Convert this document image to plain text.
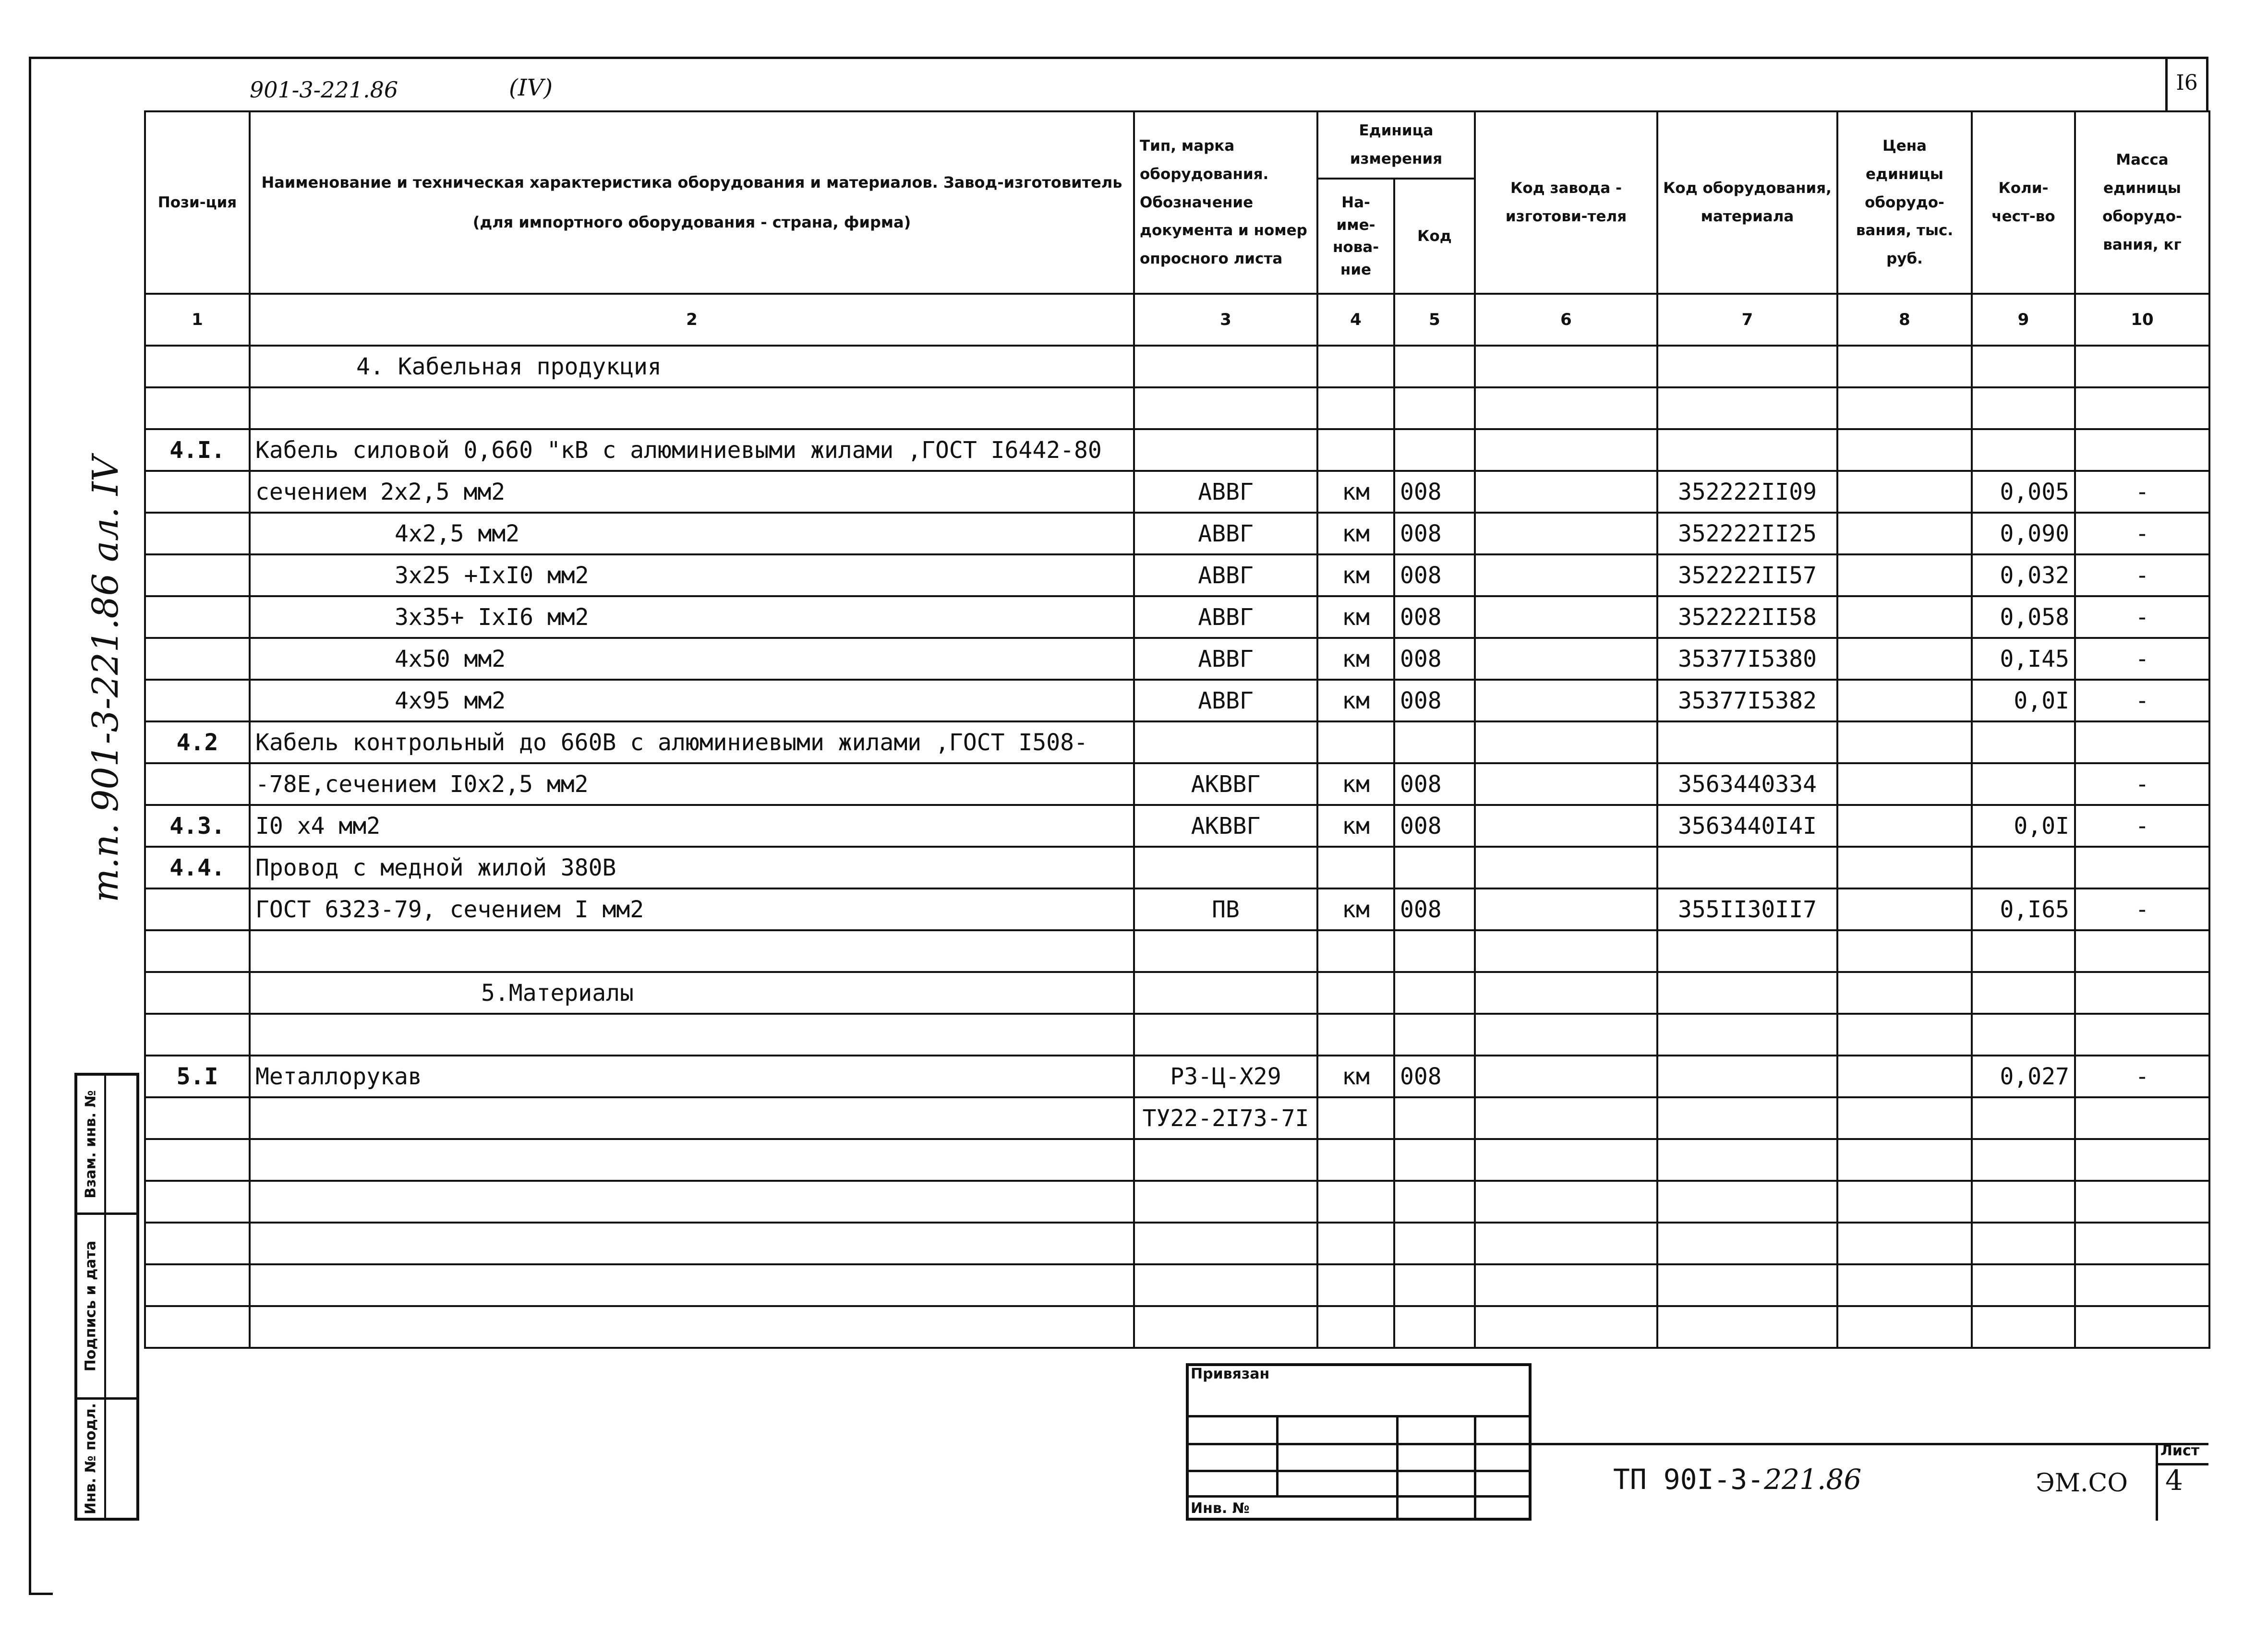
I6
901-3-221.86	(IV)
т.п. 901-3-221.86 ал. IV
Взам. инв. №
Подпись и дата
Инв. № подл.
Пози-ция	Наименование и техническая характеристика оборудования и материалов. Завод-изготовитель (для импортного оборудования - страна, фирма)	Тип, марка оборудования. Обозначение документа и номер опросного листа	Единица измерения		Код завода - изготови-теля	Код оборудования, материала	Цена единицы оборудо-вания, тыс. руб.	Коли-чест-во	Масса единицы оборудо-вания, кг
			На-име-нова-ние	Код					
1	2	3	4	5	6	7	8	9	10
	4. Кабельная продукция								

4.I.	Кабель силовой 0,660 "кВ с алюминиевыми жилами ,ГОСТ I6442-80								
	сечением 2х2,5 мм2	АВВГ	км	008		352222II09		0,005	-
	4х2,5 мм2	АВВГ	км	008		352222II25		0,090	-
	3х25 +IхI0 мм2	АВВГ	км	008		352222II57		0,032	-
	3х35+ IхI6 мм2	АВВГ	км	008		352222II58		0,058	-
	4х50 мм2	АВВГ	км	008		35377I5380		0,I45	-
	4х95 мм2	АВВГ	км	008		35377I5382		0,0I	-
4.2	Кабель контрольный до 660В с алюминиевыми жилами ,ГОСТ I508-								
	-78Е,сечением I0х2,5 мм2	АКВВГ	км	008		3563440334			-
4.3.	I0 х4 мм2	АКВВГ	км	008		3563440I4I		0,0I	-
4.4.	Провод с медной жилой 380В								
	ГОСТ 6323-79, сечением I мм2	ПВ	км	008		355II30II7		0,I65	-

	5.Материалы								

5.I	Металлорукав	Р3-Ц-Х29	км	008				0,027	-
		ТУ22-2I73-7I							

Привязан
Инв. №
ТП 90I-3-221.86	ЭМ.СО
Лист
4
